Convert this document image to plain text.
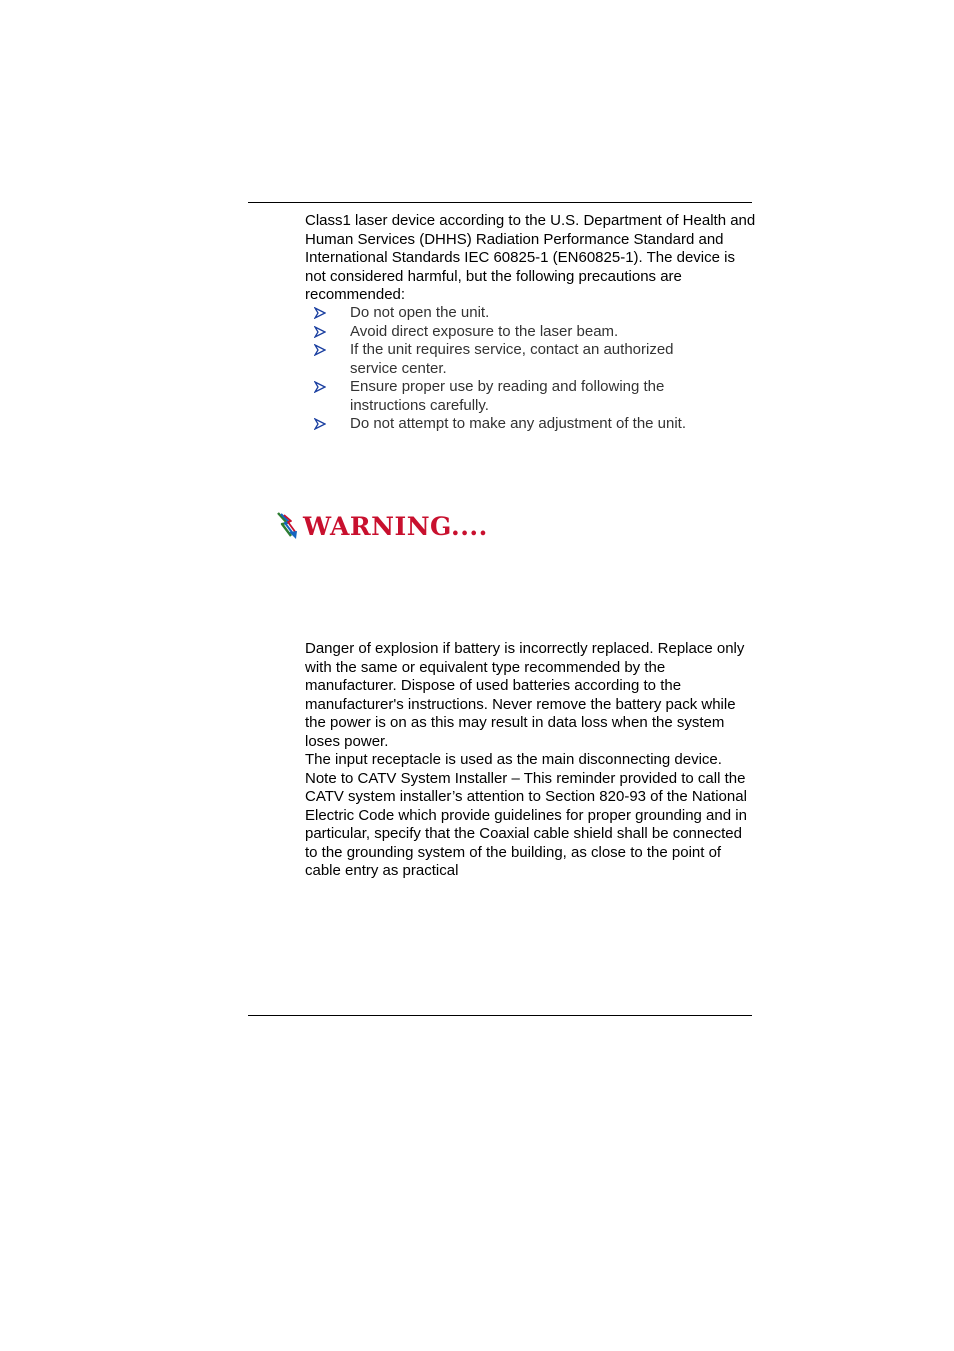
Class1 laser device according to the U.S. Department of Health and Human Services (DHHS) Radiation Performance Standard and International Standards IEC 60825-1 (EN60825-1). The device is not considered harmful, but the following precautions are recommended:

Do not open the unit.
Avoid direct exposure to the laser beam.
If the unit requires service, contact an authorized service center.
Ensure proper use by reading and following the instructions carefully.
Do not attempt to make any adjustment of the unit.
WARNING....

Danger of explosion if battery is incorrectly replaced. Replace only with the same or equivalent type recommended by the manufacturer. Dispose of used batteries according to the manufacturer's instructions. Never remove the battery pack while the power is on as this may result in data loss when the system loses power.

The input receptacle is used as the main disconnecting device.

Note to CATV System Installer – This reminder provided to call the CATV system installer’s attention to Section 820-93 of the National Electric Code which provide guidelines for proper grounding and in particular, specify that the Coaxial cable shield shall be connected to the grounding system of the building, as close to the point of cable entry as practical
